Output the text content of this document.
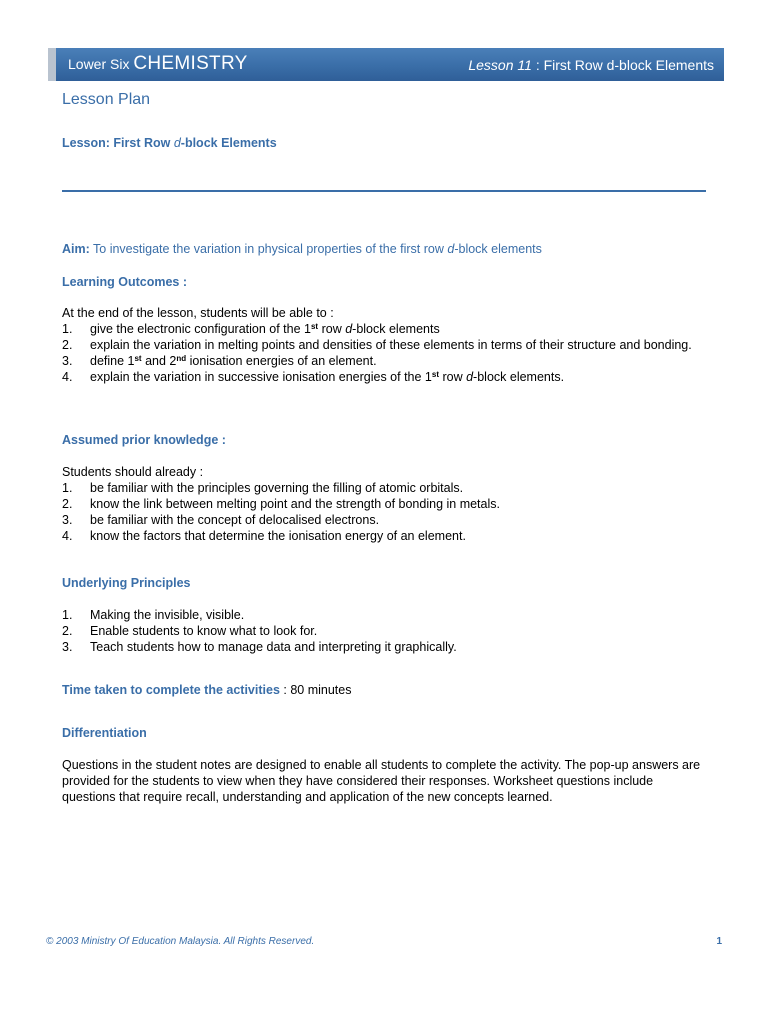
Lower Six CHEMISTRY	Lesson 11 : First Row d-block Elements
Lesson Plan
Lesson: First Row d-block Elements
Aim: To investigate the variation in physical properties of the first row d-block elements
Learning Outcomes :
At the end of the lesson, students will be able to :
1. give the electronic configuration of the 1st row d-block elements
2. explain the variation in melting points and densities of these elements in terms of their structure and bonding.
3. define 1st and 2nd ionisation energies of an element.
4. explain the variation in successive ionisation energies of the 1st row d-block elements.
Assumed prior knowledge :
Students should already :
1. be familiar with the principles governing the filling of atomic orbitals.
2. know the link between melting point and the strength of bonding in metals.
3. be familiar with the concept of delocalised electrons.
4. know the factors that determine the ionisation energy of an element.
Underlying Principles
1. Making the invisible, visible.
2. Enable students to know what to look for.
3. Teach students how to manage data and interpreting it graphically.
Time taken to complete the activities : 80 minutes
Differentiation
Questions in the student notes are designed to enable all students to complete the activity. The pop-up answers are provided for the students to view when they have considered their responses. Worksheet questions include questions that require recall, understanding and application of the new concepts learned.
© 2003 Ministry Of Education Malaysia. All Rights Reserved.	1
